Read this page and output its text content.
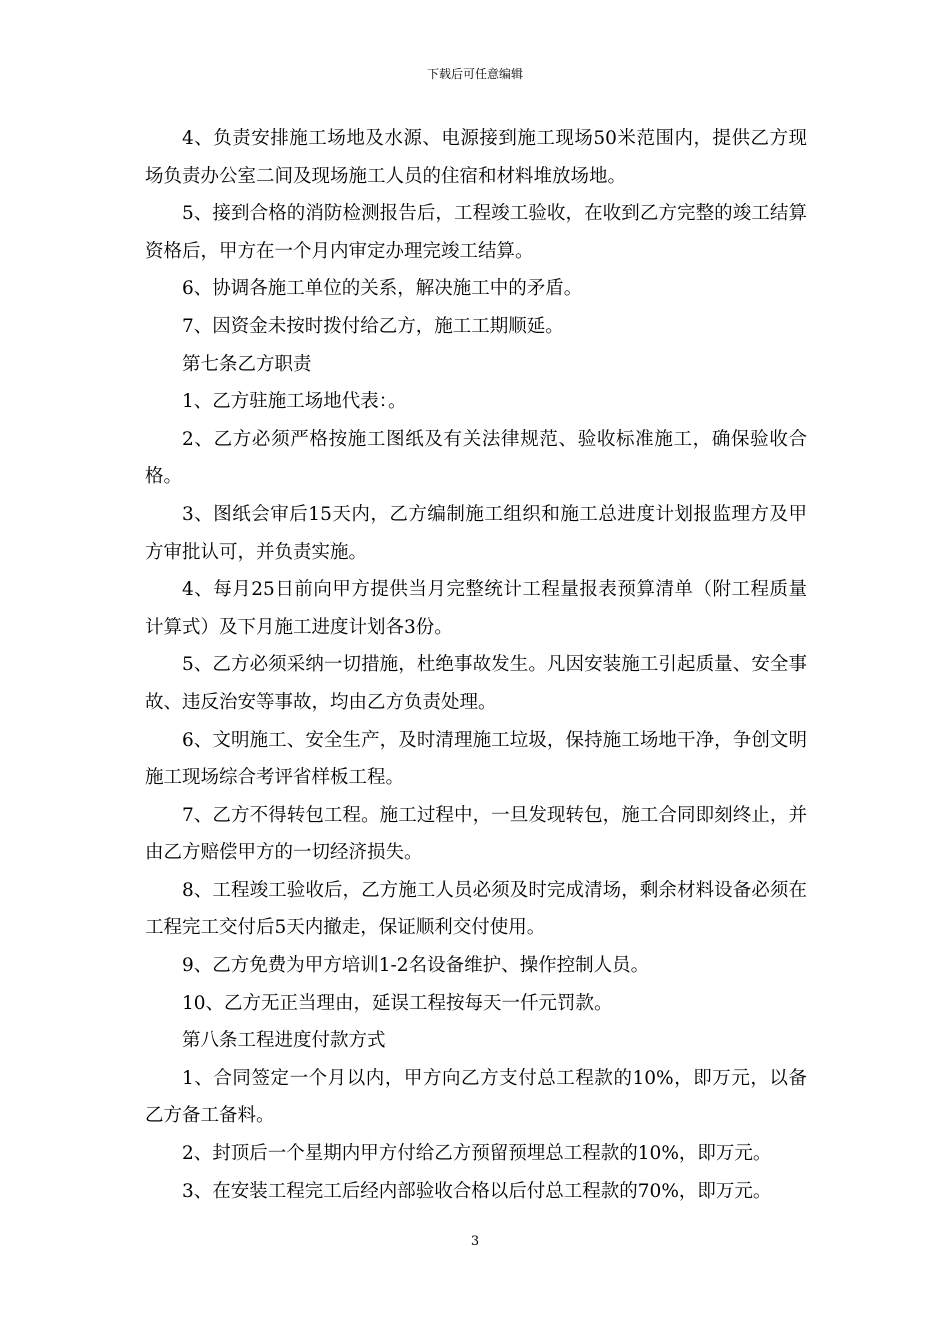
下载后可任意编辑

4、负责安排施工场地及水源、电源接到施工现场50米范围内，提供乙方现场负责办公室二间及现场施工人员的住宿和材料堆放场地。

5、接到合格的消防检测报告后，工程竣工验收，在收到乙方完整的竣工结算资格后，甲方在一个月内审定办理完竣工结算。

6、协调各施工单位的关系，解决施工中的矛盾。

7、因资金未按时拨付给乙方，施工工期顺延。

第七条乙方职责

1、乙方驻施工场地代表：。

2、乙方必须严格按施工图纸及有关法律规范、验收标准施工，确保验收合格。

3、图纸会审后15天内，乙方编制施工组织和施工总进度计划报监理方及甲方审批认可，并负责实施。

4、每月25日前向甲方提供当月完整统计工程量报表预算清单（附工程质量计算式）及下月施工进度计划各3份。

5、乙方必须采纳一切措施，杜绝事故发生。凡因安装施工引起质量、安全事故、违反治安等事故，均由乙方负责处理。

6、文明施工、安全生产，及时清理施工垃圾，保持施工场地干净，争创文明施工现场综合考评省样板工程。

7、乙方不得转包工程。施工过程中，一旦发现转包，施工合同即刻终止，并由乙方赔偿甲方的一切经济损失。

8、工程竣工验收后，乙方施工人员必须及时完成清场，剩余材料设备必须在工程完工交付后5天内撤走，保证顺利交付使用。

9、乙方免费为甲方培训1-2名设备维护、操作控制人员。

10、乙方无正当理由，延误工程按每天一仟元罚款。

第八条工程进度付款方式

1、合同签定一个月以内，甲方向乙方支付总工程款的10%，即万元，以备乙方备工备料。

2、封顶后一个星期内甲方付给乙方预留预埋总工程款的10%，即万元。

3、在安装工程完工后经内部验收合格以后付总工程款的70%，即万元。

3
